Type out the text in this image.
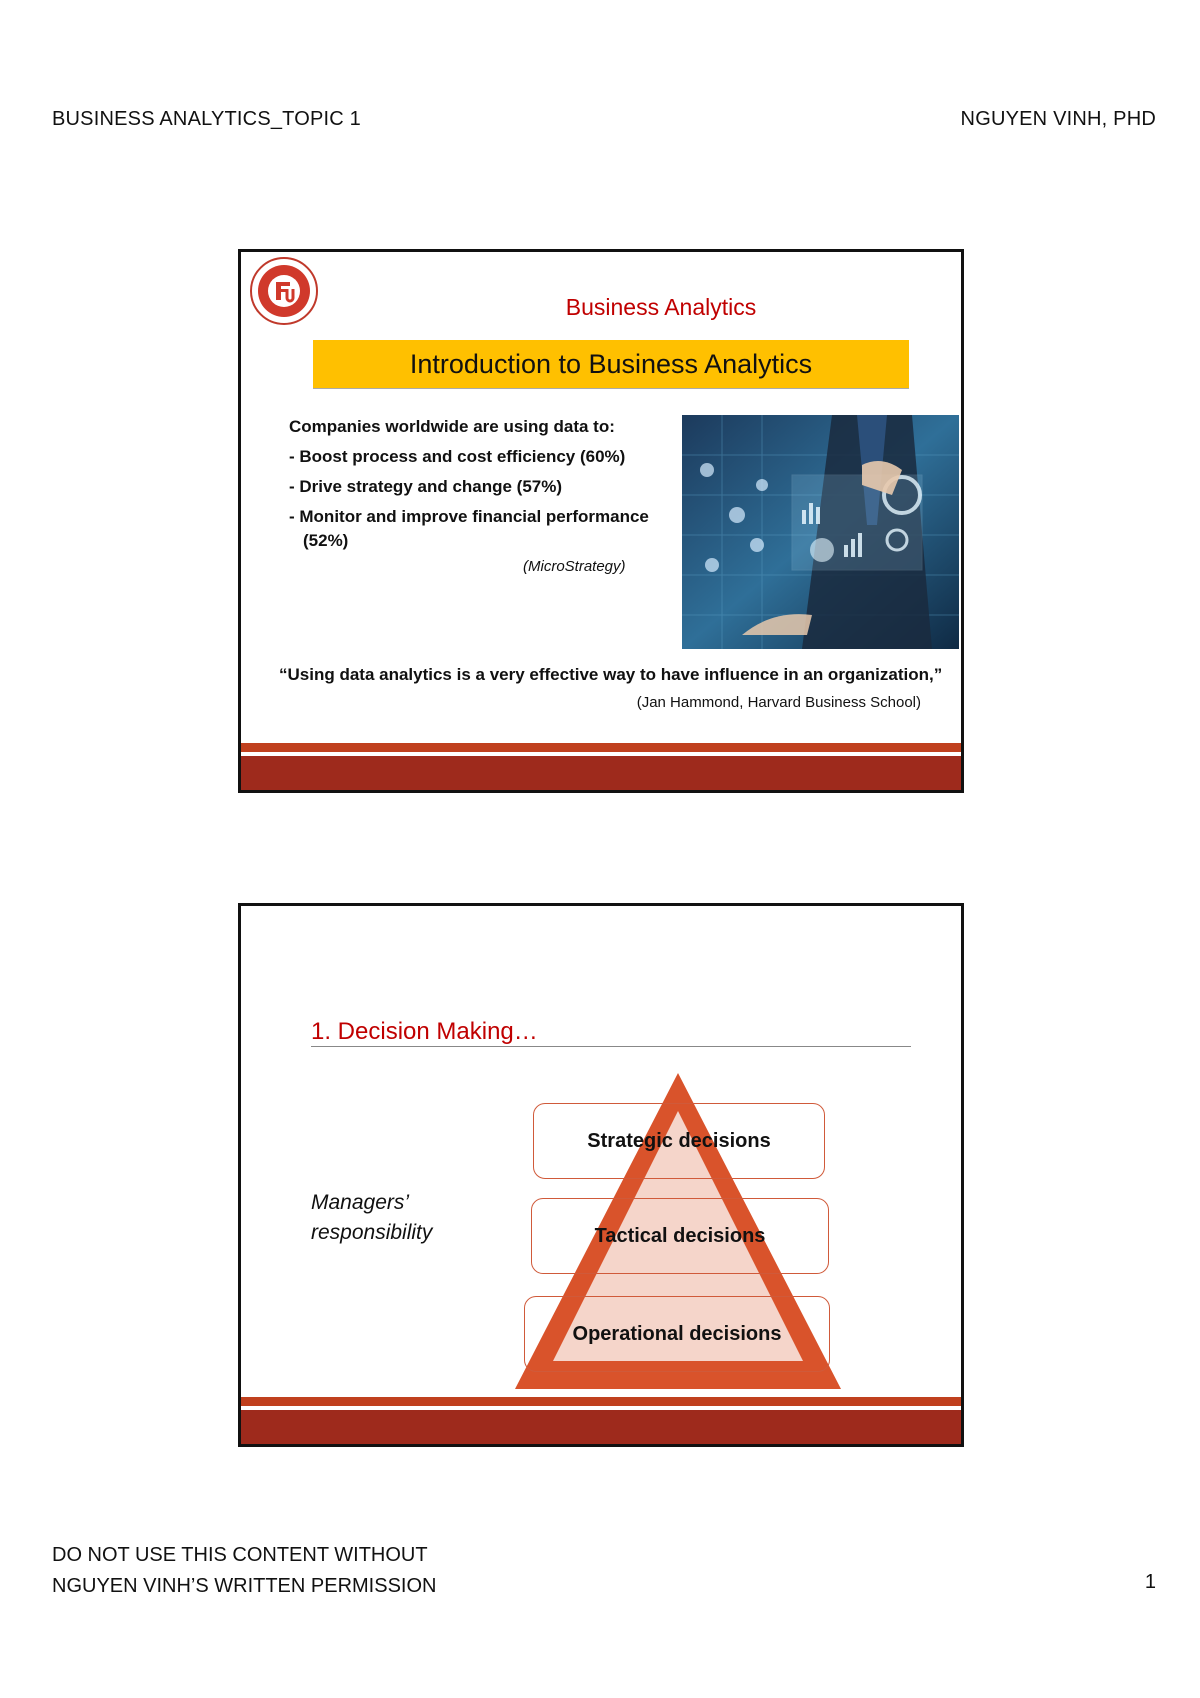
BUSINESS ANALYTICS_TOPIC 1	NGUYEN VINH, PHD
Business Analytics
Introduction to Business Analytics
Companies worldwide are using data to:
- Boost process and cost efficiency (60%)
- Drive strategy and change (57%)
- Monitor and improve financial performance
(52%)
(MicroStrategy)
“Using data analytics is a very effective way to have influence in an organization,”
(Jan Hammond, Harvard Business School)
1. Decision Making…
Managers’
responsibility
Strategic decisions
Tactical decisions
Operational decisions
DO NOT USE THIS CONTENT WITHOUT
NGUYEN VINH’S WRITTEN PERMISSION	1
